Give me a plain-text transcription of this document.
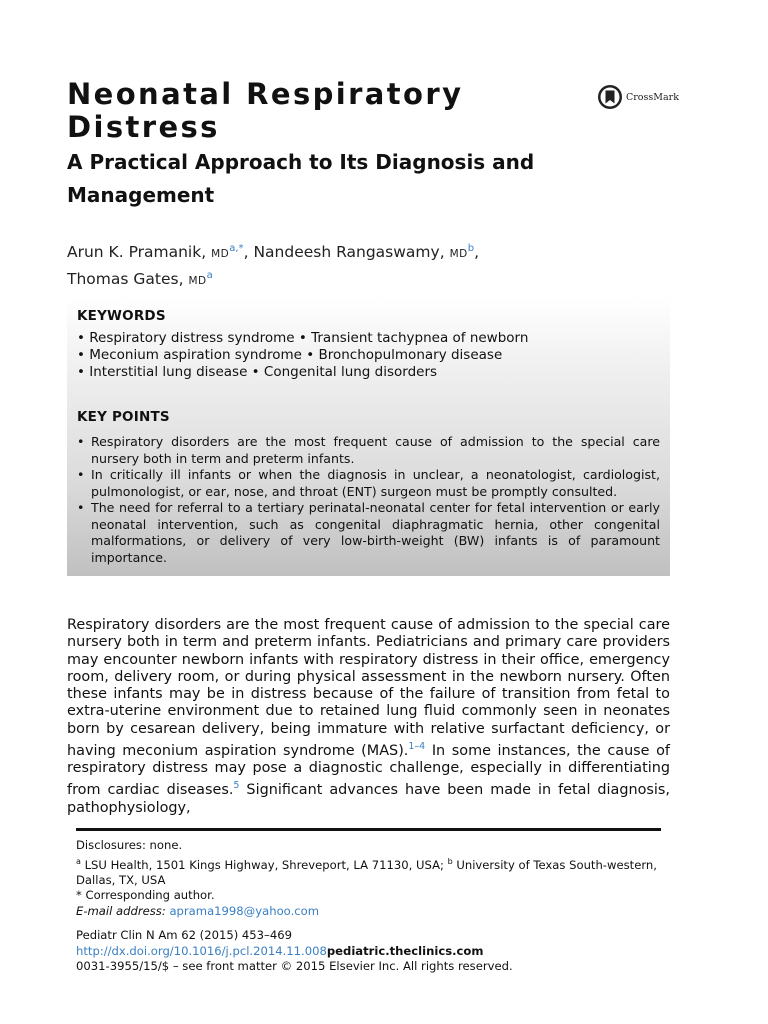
Neonatal Respiratory Distress
CrossMark
A Practical Approach to Its Diagnosis and Management
Arun K. Pramanik, MD$^{a,*}$, Nandeesh Rangaswamy, MD$^b$,
Thomas Gates, MD$^a$
KEYWORDS
• Respiratory distress syndrome • Transient tachypnea of newborn
• Meconium aspiration syndrome • Bronchopulmonary disease
• Interstitial lung disease • Congenital lung disorders
KEY POINTS
• Respiratory disorders are the most frequent cause of admission to the special care nursery both in term and preterm infants.
• In critically ill infants or when the diagnosis in unclear, a neonatologist, cardiologist, pulmonologist, or ear, nose, and throat (ENT) surgeon must be promptly consulted.
• The need for referral to a tertiary perinatal-neonatal center for fetal intervention or early neonatal intervention, such as congenital diaphragmatic hernia, other congenital malformations, or delivery of very low-birth-weight (BW) infants is of paramount importance.

Respiratory disorders are the most frequent cause of admission to the special care nursery both in term and preterm infants. Pediatricians and primary care providers may encounter newborn infants with respiratory distress in their office, emergency room, delivery room, or during physical assessment in the newborn nursery. Often these infants may be in distress because of the failure of transition from fetal to extra-uterine environment due to retained lung fluid commonly seen in neonates born by cesarean delivery, being immature with relative surfactant deficiency, or having meconium aspiration syndrome (MAS).$^{1-4}$ In some instances, the cause of respiratory distress may pose a diagnostic challenge, especially in differentiating from cardiac diseases.$^5$ Significant advances have been made in fetal diagnosis, pathophysiology,

Disclosures: none.
$^a$ LSU Health, 1501 Kings Highway, Shreveport, LA 71130, USA; $^b$ University of Texas South-western, Dallas, TX, USA
* Corresponding author.
E-mail address: aprama1998@yahoo.com
Pediatr Clin N Am 62 (2015) 453–469
http://dx.doi.org/10.1016/j.pcl.2014.11.008pediatric.theclinics.com
0031-3955/15/$ – see front matter © 2015 Elsevier Inc. All rights reserved.
